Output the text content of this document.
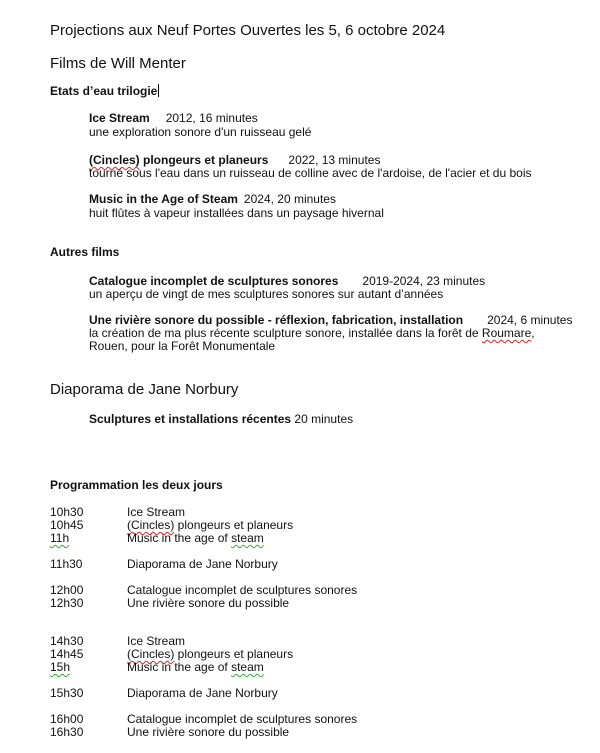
Projections aux Neuf Portes Ouvertes les 5, 6 octobre 2024
Films de Will Menter
Etats d’eau trilogie
Ice Stream 2012, 16 minutes
une exploration sonore d'un ruisseau gelé
(Cincles) plongeurs et planeurs 2022, 13 minutes
tourné sous l'eau dans un ruisseau de colline avec de l'ardoise, de l'acier et du bois
Music in the Age of Steam 2024, 20 minutes
huit flûtes à vapeur installées dans un paysage hivernal
Autres films
Catalogue incomplet de sculptures sonores 2019-2024, 23 minutes
un aperçu de vingt de mes sculptures sonores sur autant d’années
Une rivière sonore du possible - réflexion, fabrication, installation 2024, 6 minutes
la création de ma plus récente sculpture sonore, installée dans la forêt de Roumare,
Rouen, pour la Forêt Monumentale
Diaporama de Jane Norbury
Sculptures et installations récentes 20 minutes
Programmation les deux jours
10h30	Ice Stream
10h45	(Cincles) plongeurs et planeurs
11h	Music in the age of steam
11h30	Diaporama de Jane Norbury
12h00	Catalogue incomplet de sculptures sonores
12h30	Une rivière sonore du possible
14h30	Ice Stream
14h45	(Cincles) plongeurs et planeurs
15h	Music in the age of steam
15h30	Diaporama de Jane Norbury
16h00	Catalogue incomplet de sculptures sonores
16h30	Une rivière sonore du possible
